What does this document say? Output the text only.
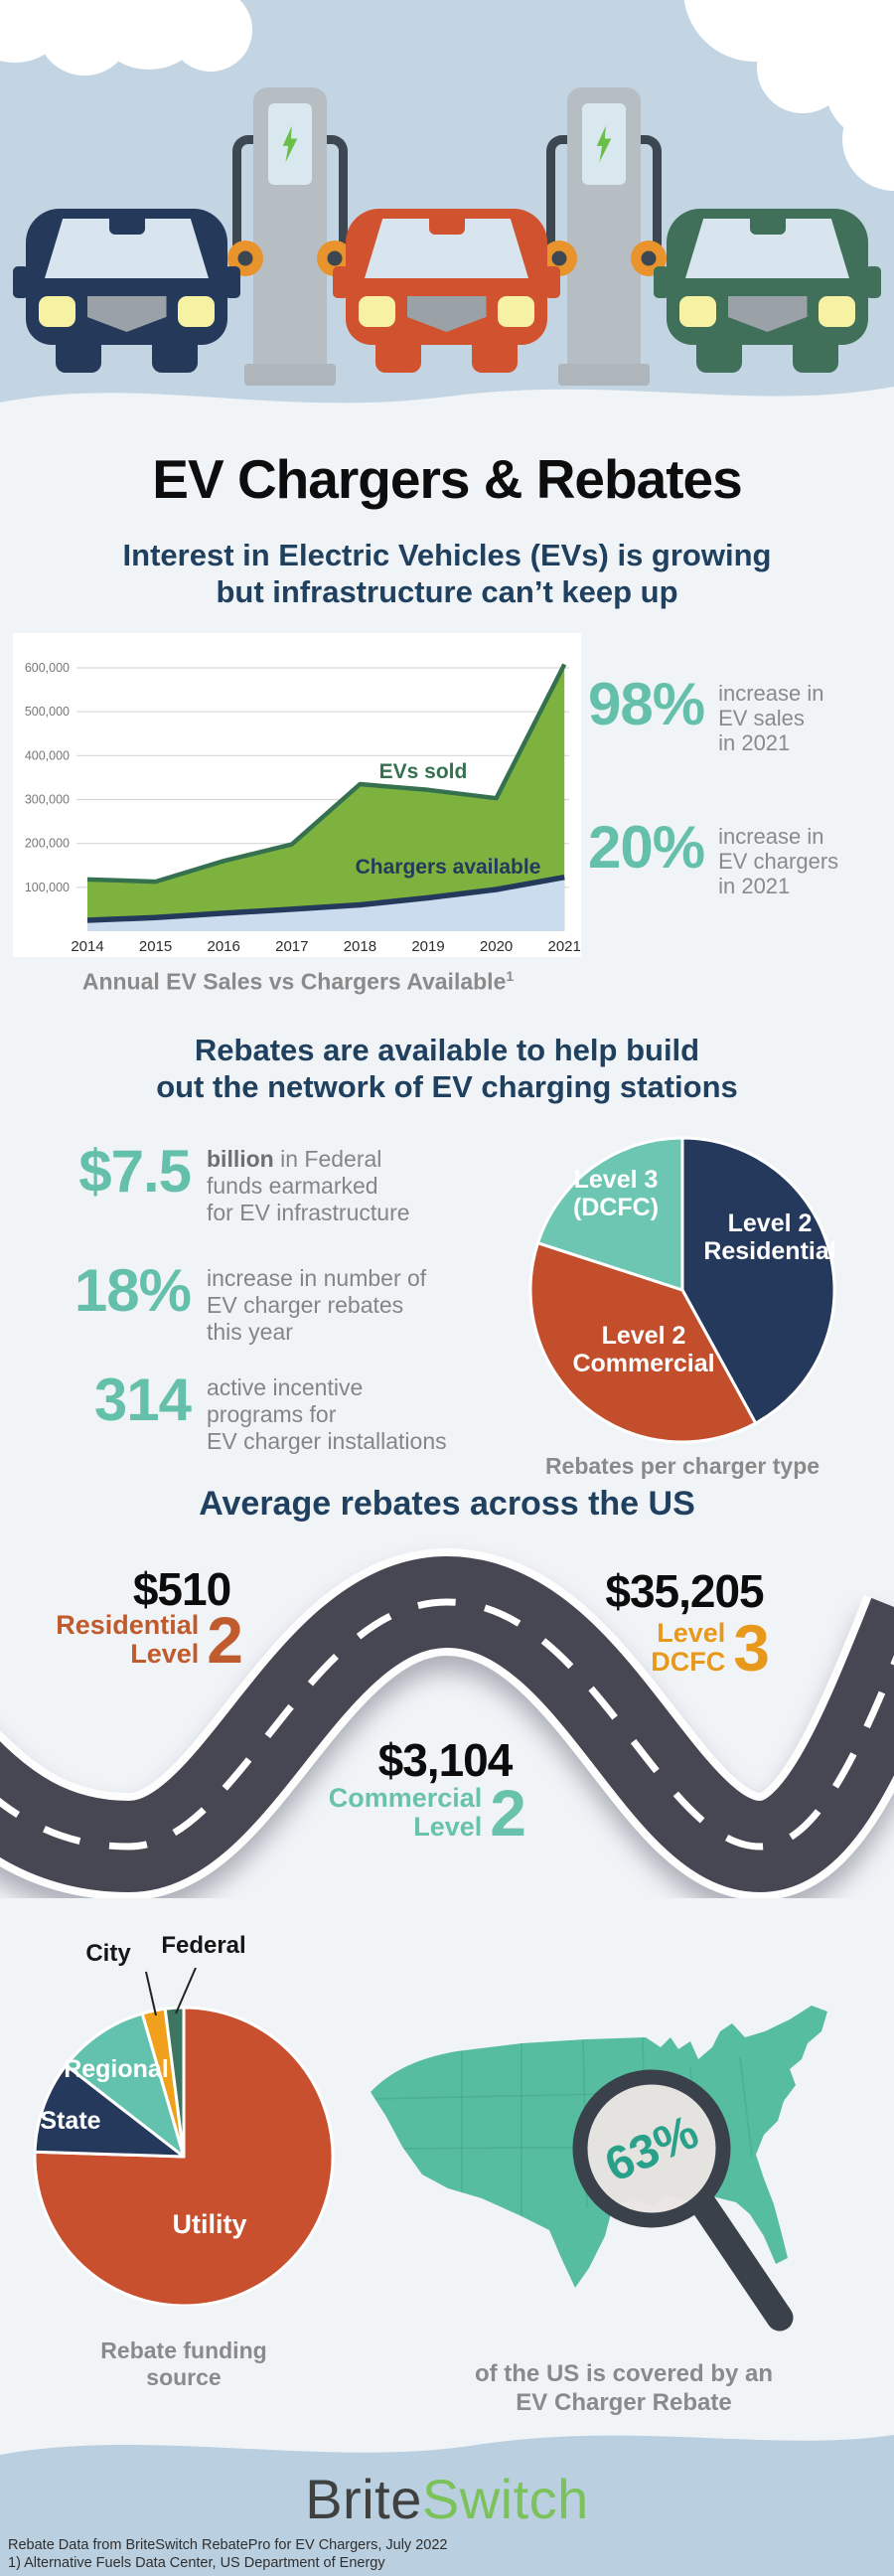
EV Chargers & Rebates
Interest in Electric Vehicles (EVs) is growing
but infrastructure can’t keep up
100,000
200,000
300,000
400,000
500,000
600,000
2014 2015 2016 2017 2018 2019 2020 2021
EVs sold
Chargers available
98% increase in
EV sales
in 2021
20% increase in
EV chargers
in 2021
Annual EV Sales vs Chargers Available$^1$
Rebates are available to help build
out the network of EV charging stations
$7.5 billion in Federal
funds earmarked
for EV infrastructure
18% increase in number of
EV charger rebates
this year
314 active incentive
programs for
EV charger installations
Level 2
Residential
Level 2
Commercial
Level 3
(DCFC)
Rebates per charger type
Average rebates across the US
$510
Residential
Level 2
$35,205
Level
DCFC 3
$3,104
Commercial
Level 2
City	Federal
Utility
State
Regional
Rebate funding
source
63%
of the US is covered by an
EV Charger Rebate
BriteSwitch
Rebate Data from BriteSwitch RebatePro for EV Chargers, July 2022
1) Alternative Fuels Data Center, US Department of Energy
